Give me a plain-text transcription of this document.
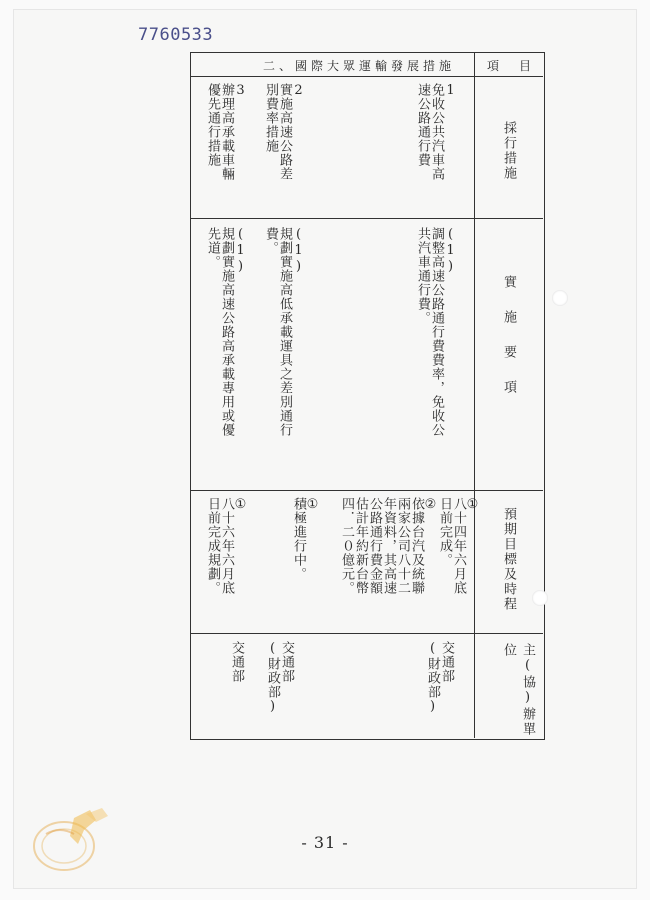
7760533
二、國際大眾運輸發展措施	項　目
採行措施
實施要項
預期目標及時程
主(協)辦單位
1
免收公共汽車高
速公路通行費
(1)
調整高速公路通行費費率，免收公
共汽車通行費。
①
八十四年六月底
日前完成。
②
依據台汽及統聯
兩家公司八十二
年資料，其高速
公路通行費金額
估計年約新台幣
四．二０億元。
交通部
(財政部)
2
實施高速公路差
別費率措施
(1)
規劃實施高低承載運具之差別通行
費。
①
積極進行中。
交通部
(財政部)
3
辦理高承載車輛
優先通行措施
(1)
規劃實施高速公路高承載專用或優
先道。
①
八十六年六月底
日前完成規劃。
交通部
- 31 -
